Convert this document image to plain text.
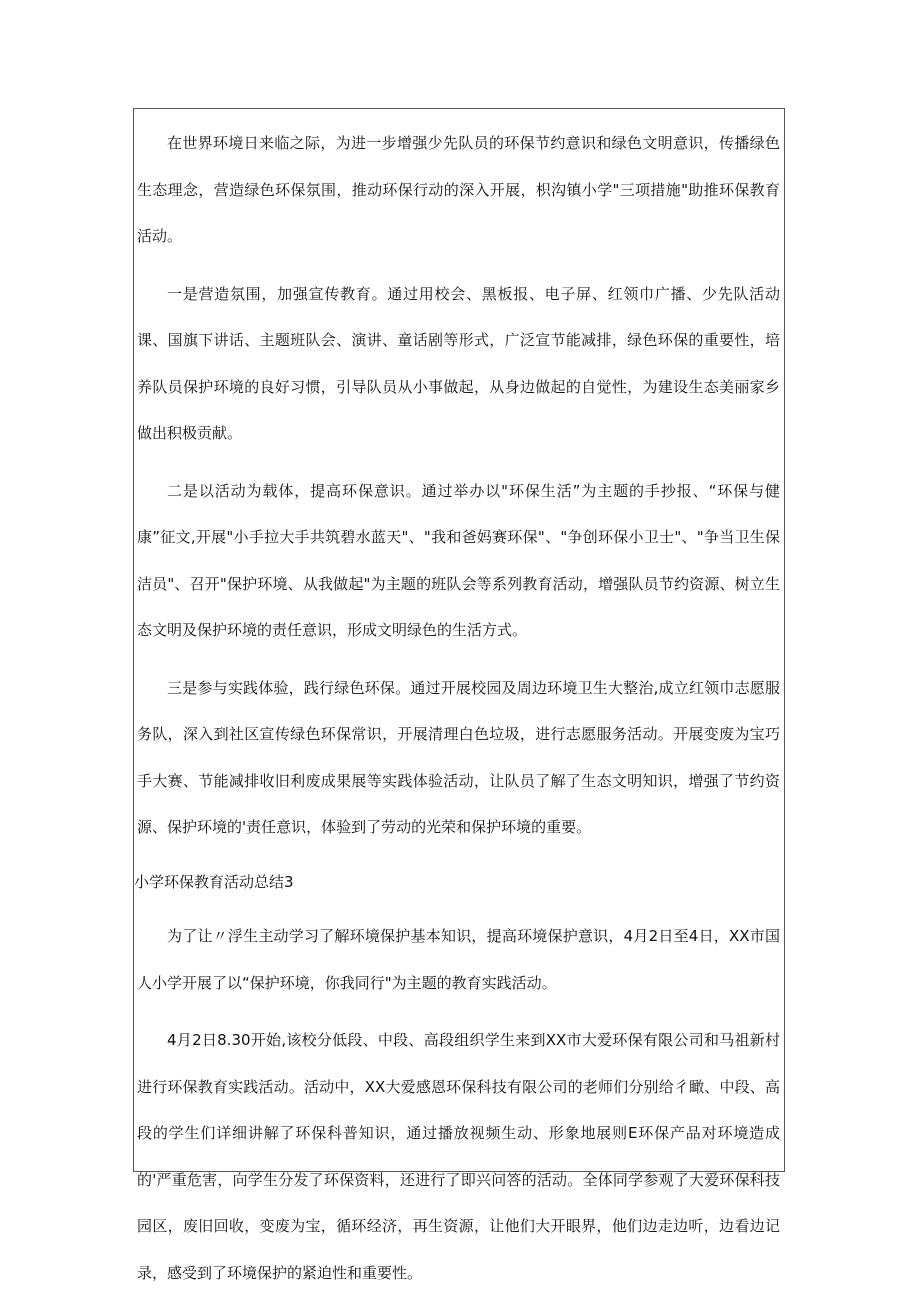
在世界环境日来临之际，为进一步增强少先队员的环保节约意识和绿色文明意识，传播绿色生态理念，营造绿色环保氛围，推动环保行动的深入开展，枳沟镇小学"三项措施"助推环保教育活动。

一是营造氛围，加强宣传教育。通过用校会、黑板报、电子屏、红领巾广播、少先队活动课、国旗下讲话、主题班队会、演讲、童话剧等形式，广泛宣节能减排，绿色环保的重要性，培养队员保护环境的良好习惯，引导队员从小事做起，从身边做起的自觉性，为建设生态美丽家乡做出积极贡献。

二是以活动为载体，提高环保意识。通过举办以"环保生活”为主题的手抄报、“环保与健康”征文,开展"小手拉大手共筑碧水蓝天"、"我和爸妈赛环保"、"争创环保小卫士"、"争当卫生保洁员"、召开"保护环境、从我做起"为主题的班队会等系列教育活动，增强队员节约资源、树立生态文明及保护环境的责任意识，形成文明绿色的生活方式。

三是参与实践体验，践行绿色环保。通过开展校园及周边环境卫生大整治,成立红领巾志愿服务队，深入到社区宣传绿色环保常识，开展清理白色垃圾，进行志愿服务活动。开展变废为宝巧手大赛、节能减排收旧利废成果展等实践体验活动，让队员了解了生态文明知识，增强了节约资源、保护环境的'责任意识，体验到了劳动的光荣和保护环境的重要。

小学环保教育活动总结3

为了让〃浮生主动学习了解环境保护基本知识，提高环境保护意识，4月2日至4日，XX市国人小学开展了以“保护环境，你我同行"为主题的教育实践活动。

4月2日8.30开始,该校分低段、中段、高段组织学生来到XX市大爱环保有限公司和马祖新村进行环保教育实践活动。活动中，XX大爱感恩环保科技有限公司的老师们分别给彳瞰、中段、高段的学生们详细讲解了环保科普知识，通过播放视频生动、形象地展则E环保产品对环境造成的'严重危害，向学生分发了环保资料，还进行了即兴问答的活动。全体同学参观了大爱环保科技园区，废旧回收，变废为宝，循环经济，再生资源，让他们大开眼界，他们边走边听，边看边记录，感受到了环境保护的紧迫性和重要性。
